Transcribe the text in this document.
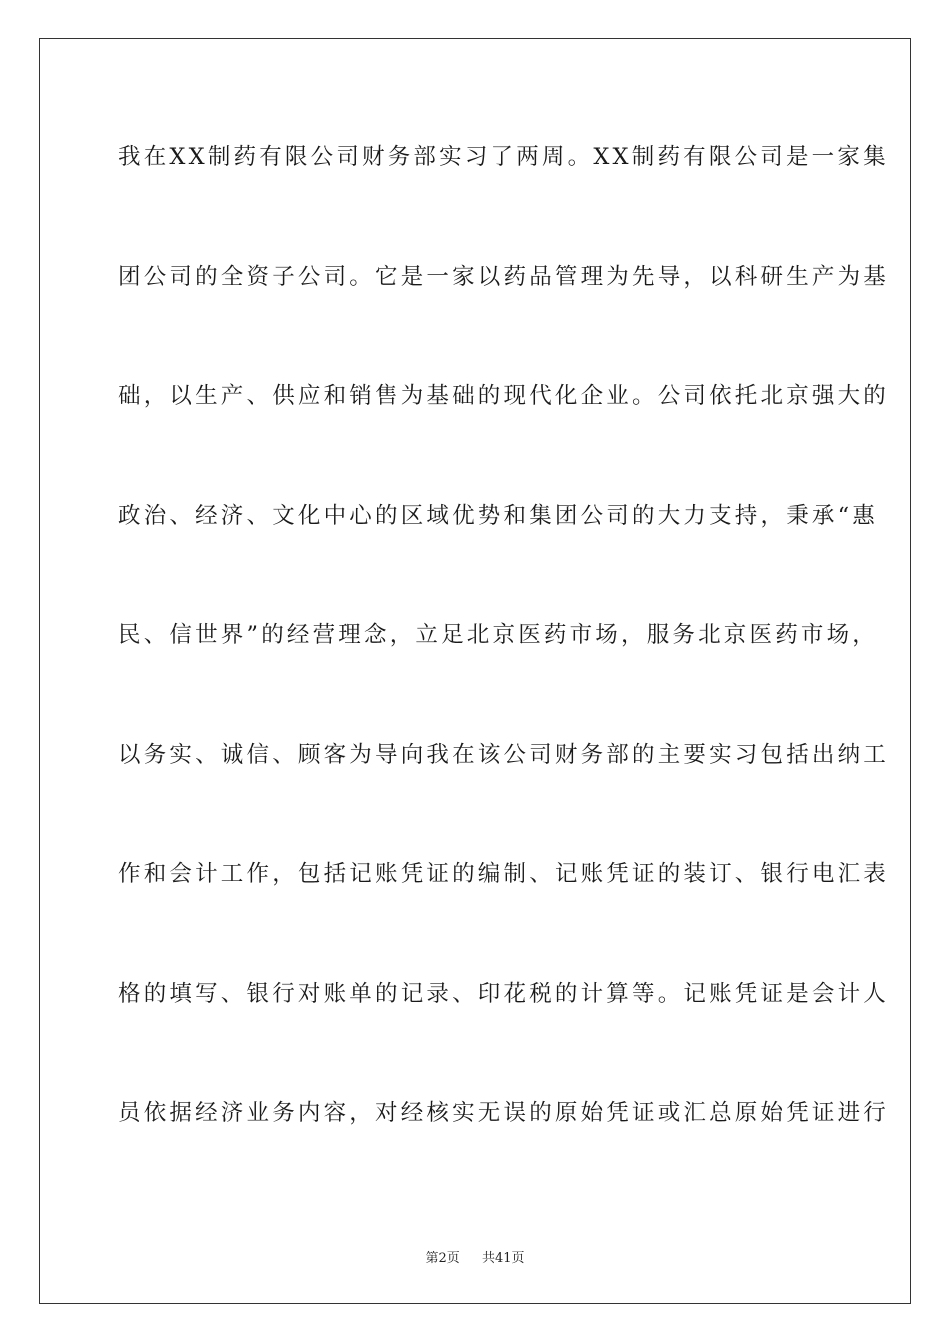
我在XX制药有限公司财务部实习了两周。XX制药有限公司是一家集
团公司的全资子公司。它是一家以药品管理为先导，以科研生产为基
础，以生产、供应和销售为基础的现代化企业。公司依托北京强大的
政治、经济、文化中心的区域优势和集团公司的大力支持，秉承“惠
民、信世界”的经营理念，立足北京医药市场，服务北京医药市场，
以务实、诚信、顾客为导向我在该公司财务部的主要实习包括出纳工
作和会计工作，包括记账凭证的编制、记账凭证的装订、银行电汇表
格的填写、银行对账单的记录、印花税的计算等。记账凭证是会计人
员依据经济业务内容，对经核实无误的原始凭证或汇总原始凭证进行
第2页 共41页
